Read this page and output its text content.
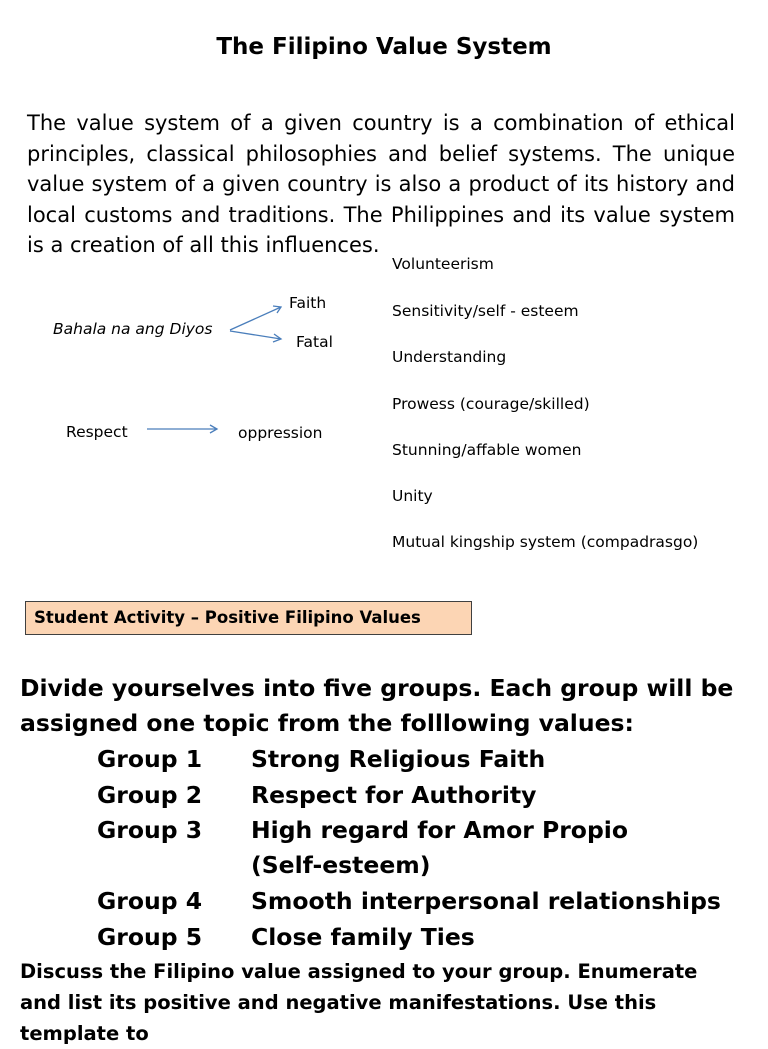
The Filipino Value System
The value system of a given country is a combination of ethical principles, classical philosophies and belief systems. The unique value system of a given country is also a product of its history and local customs and traditions. The Philippines and its value system is a creation of all this influences.
Bahala na ang Diyos
Faith
Fatal
Respect	oppression
Volunteerism
Sensitivity/self - esteem
Understanding
Prowess (courage/skilled)
Stunning/affable women
Unity
Mutual kingship system (compadrasgo)
Student Activity – Positive Filipino Values
Divide yourselves into five groups. Each group will be assigned one topic from the folllowing values:
Group 1 Strong Religious Faith
Group 2 Respect for Authority
Group 3 High regard for Amor Propio
(Self-esteem)
Group 4 Smooth interpersonal relationships
Group 5 Close family Ties
Discuss the Filipino value assigned to your group. Enumerate and list its positive and negative manifestations. Use this template to
